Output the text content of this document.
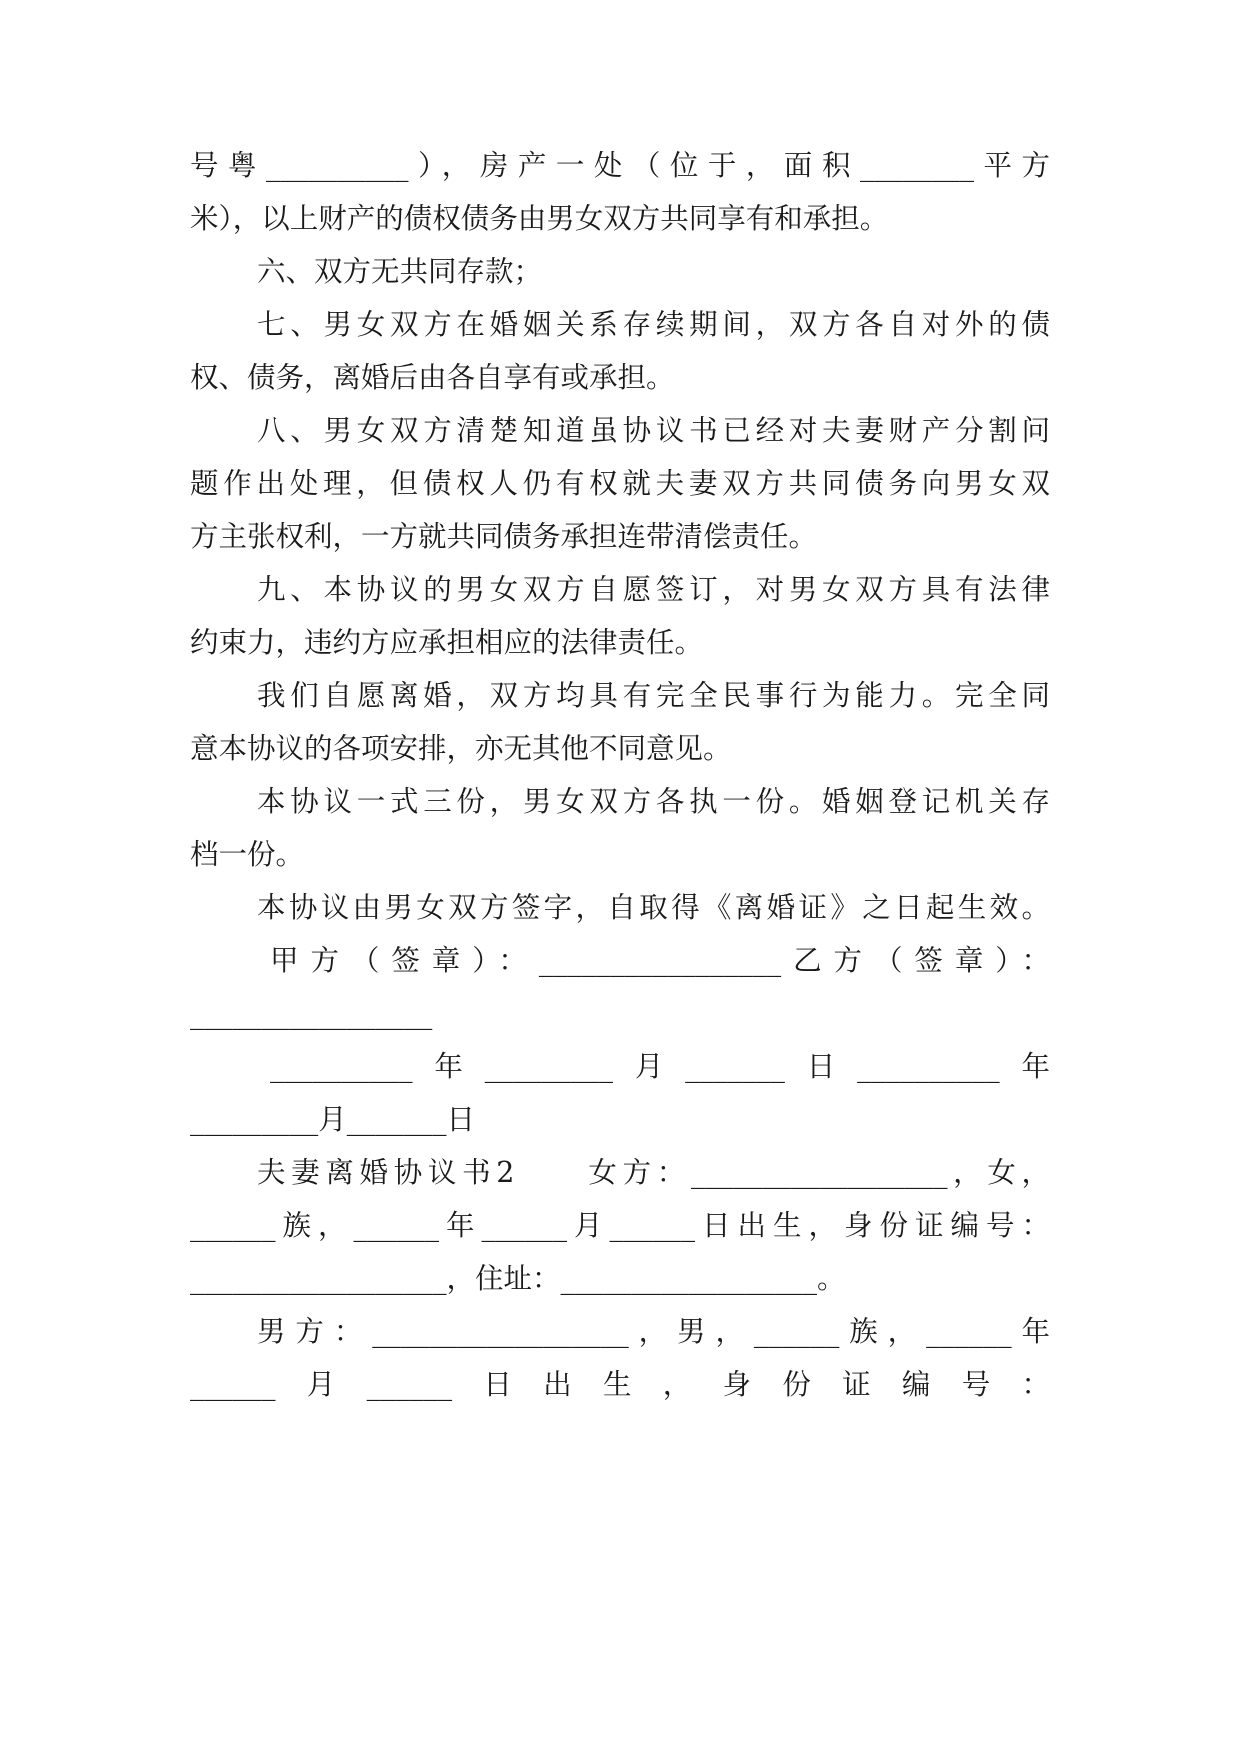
号粤__________），房产一处（位于，面积________平方
米），以上财产的债权债务由男女双方共同享有和承担。
六、双方无共同存款；
七、男女双方在婚姻关系存续期间，双方各自对外的债
权、债务，离婚后由各自享有或承担。
八、男女双方清楚知道虽协议书已经对夫妻财产分割问
题作出处理，但债权人仍有权就夫妻双方共同债务向男女双
方主张权利，一方就共同债务承担连带清偿责任。
九、本协议的男女双方自愿签订，对男女双方具有法律
约束力，违约方应承担相应的法律责任。
我们自愿离婚，双方均具有完全民事行为能力。完全同
意本协议的各项安排，亦无其他不同意见。
本协议一式三份，男女双方各执一份。婚姻登记机关存
档一份。
本协议由男女双方签字，自取得《离婚证》之日起生效。
甲方（签章）：_________________乙方（签章）：
_________________
__________年_________月_______日__________年
_________月_______日
夫妻离婚协议书2　　女方：__________________，女，
______族，______年______月______日出生，身份证编号：
__________________，住址：__________________。
男方：__________________，男，______族，______年
______月______日出生，身份证编号：
